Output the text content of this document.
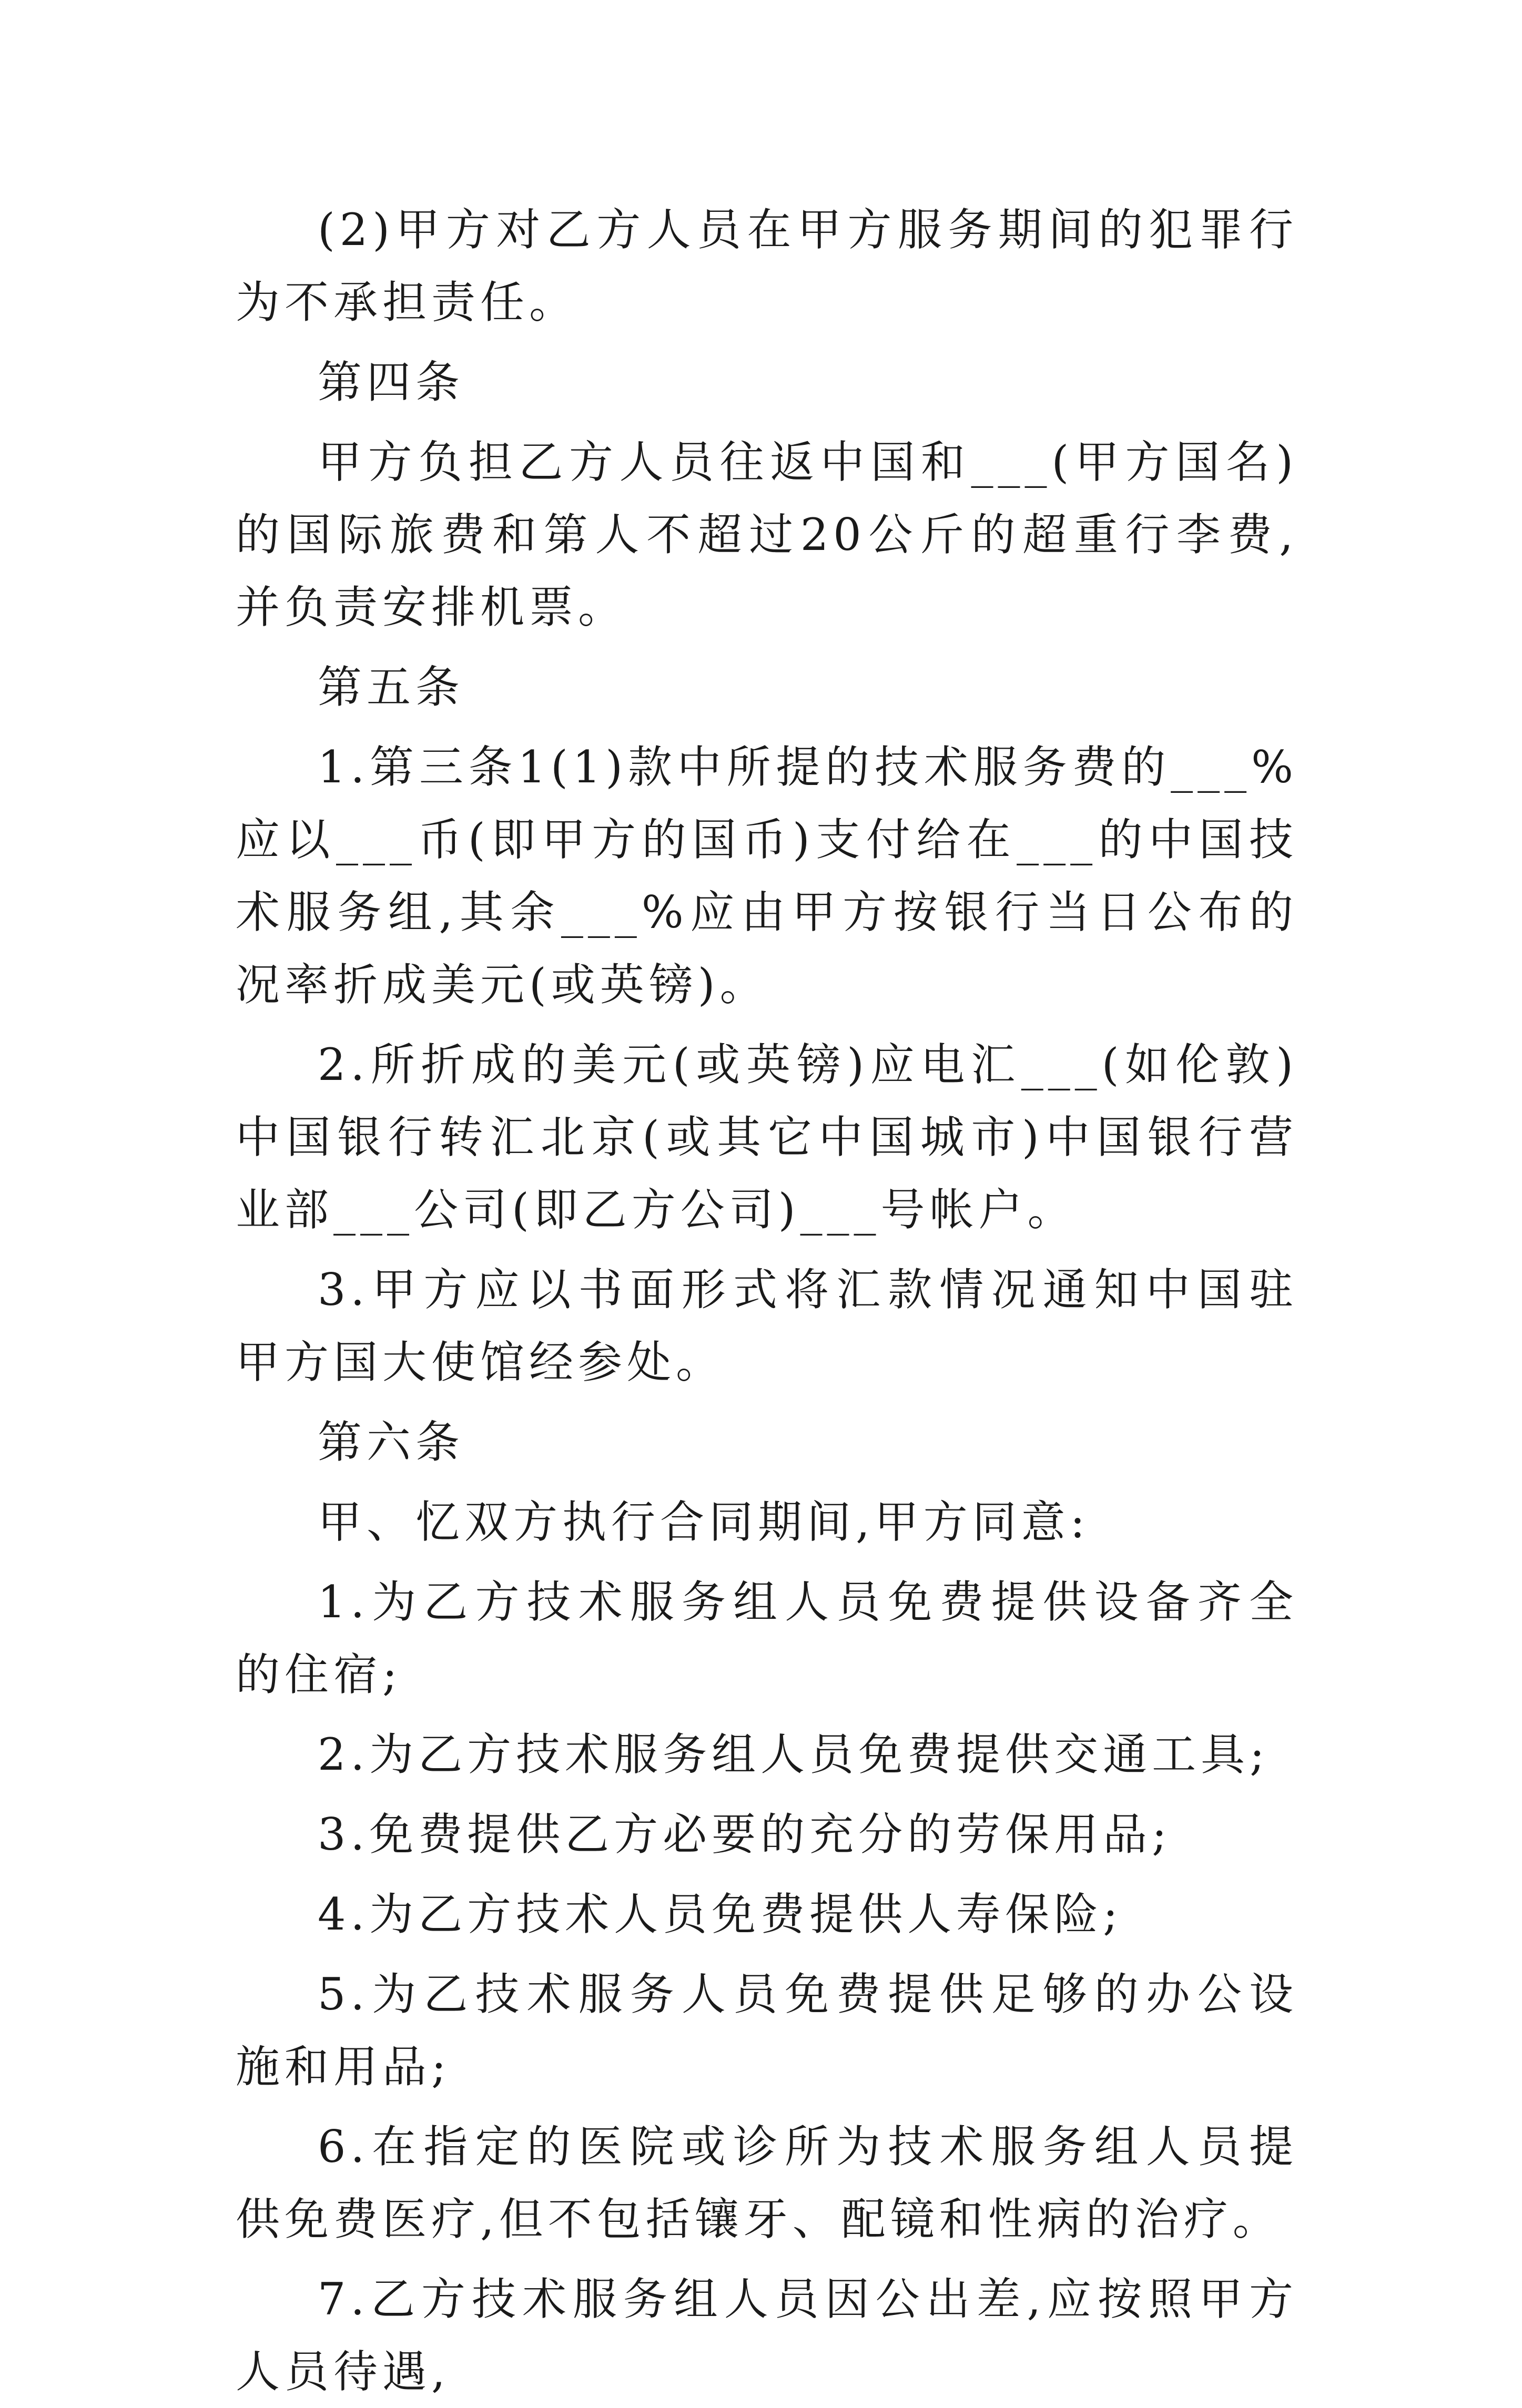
(2)甲方对乙方人员在甲方服务期间的犯罪行为不承担责任。

第四条

甲方负担乙方人员往返中国和___(甲方国名)的国际旅费和第人不超过20公斤的超重行李费,并负责安排机票。

第五条

1.第三条1(1)款中所提的技术服务费的___%应以___币(即甲方的国币)支付给在___的中国技术服务组,其余___%应由甲方按银行当日公布的况率折成美元(或英镑)。

2.所折成的美元(或英镑)应电汇___(如伦敦)中国银行转汇北京(或其它中国城市)中国银行营业部___公司(即乙方公司)___号帐户。

3.甲方应以书面形式将汇款情况通知中国驻甲方国大使馆经参处。

第六条

甲、忆双方执行合同期间,甲方同意:

1.为乙方技术服务组人员免费提供设备齐全的住宿;

2.为乙方技术服务组人员免费提供交通工具;

3.免费提供乙方必要的充分的劳保用品;

4.为乙方技术人员免费提供人寿保险;

5.为乙技术服务人员免费提供足够的办公设施和用品;

6.在指定的医院或诊所为技术服务组人员提供免费医疗,但不包括镶牙、配镜和性病的治疗。

7.乙方技术服务组人员因公出差,应按照甲方人员待遇,
